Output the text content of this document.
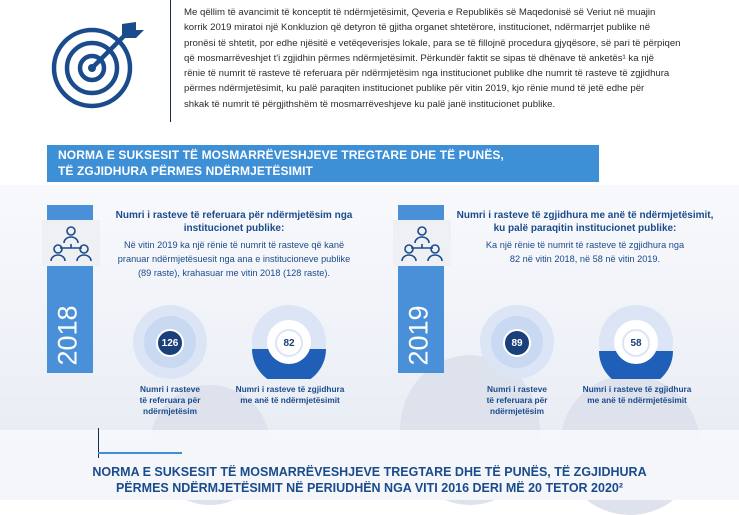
Me qëllim të avancimit të konceptit të ndërmjetësimit, Qeveria e Republikës së Maqedonisë së Veriut në muajin
korrik 2019 miratoi një Konkluzion që detyron të gjitha organet shtetërore, institucionet, ndërmarrjet publike në
pronësi të shtetit, por edhe njësitë e vetëqeverisjes lokale, para se të fillojnë procedura gjyqësore, së pari të përpiqen
që mosmarrëveshjet t'i zgjidhin përmes ndërmjetësimit. Përkundër faktit se sipas të dhënave të anketës¹ ka një
rënie të numrit të rasteve të referuara për ndërmjetësim nga institucionet publike dhe numrit të rasteve të zgjidhura
përmes ndërmjetësimit, ku palë paraqiten institucionet publike për vitin 2019, kjo rënie mund të jetë edhe për
shkak të numrit të përgjithshëm të mosmarrëveshjeve ku palë janë institucionet publike.
NORMA E SUKSESIT TË MOSMARRËVESHJEVE TREGTARE DHE TË PUNËS,
TË ZGJIDHURA PËRMES NDËRMJETËSIMIT
2018
Numri i rasteve të referuara për ndërmjetësim nga
institucionet publike:
Në vitin 2019 ka një rënie të numrit të rasteve që kanë
pranuar ndërmjetësuesit nga ana e institucioneve publike
(89 raste), krahasuar me vitin 2018 (128 raste).
126	82
Numri i rasteve
të referuara për ndërmjetësim
Numri i rasteve të zgjidhura
me anë të ndërmjetësimit
2019
Numri i rasteve të zgjidhura me anë të ndërmjetësimit,
ku palë paraqitin institucionet publike:
Ka një rënie të numrit të rasteve të zgjidhura nga
82 në vitin 2018, në 58 në vitin 2019.
89	58
Numri i rasteve
të referuara për ndërmjetësim
Numri i rasteve të zgjidhura
me anë të ndërmjetësimit
NORMA E SUKSESIT TË MOSMARRËVESHJEVE TREGTARE DHE TË PUNËS, TË ZGJIDHURA
PËRMES NDËRMJETËSIMIT NË PERIUDHËN NGA VITI 2016 DERI MË 20 TETOR 2020²
